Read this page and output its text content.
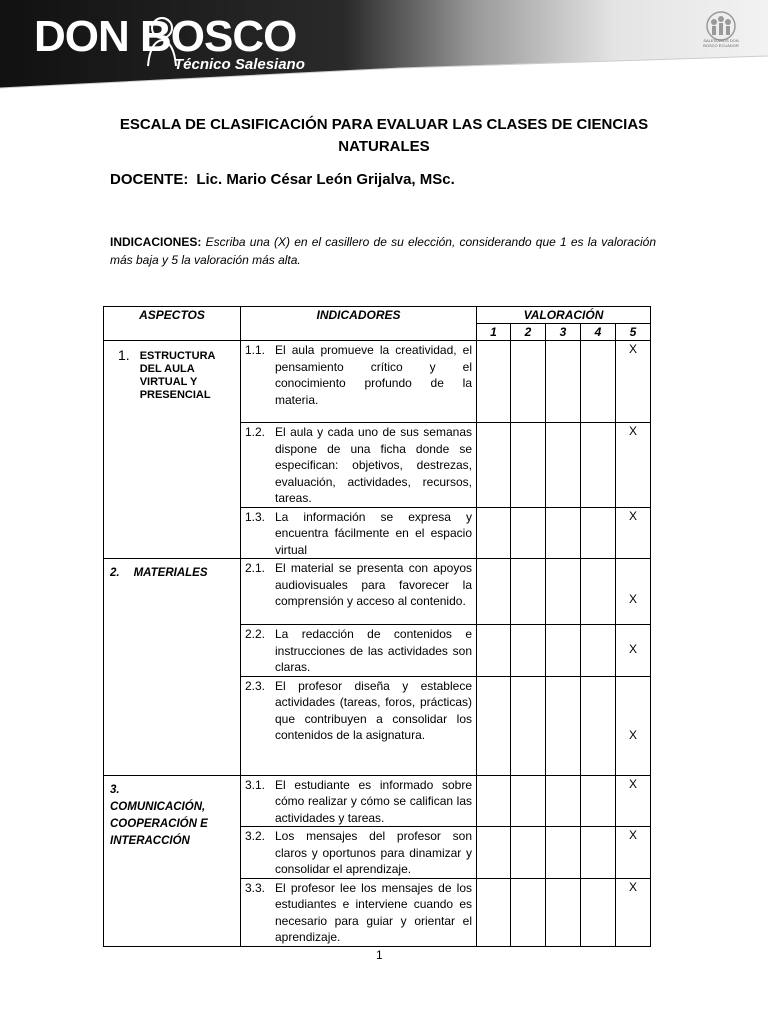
DON BOSCO
Técnico Salesiano
SALESIANOS DON BOSCO ECUADOR
ESCALA DE CLASIFICACIÓN PARA EVALUAR LAS CLASES DE CIENCIAS NATURALES
DOCENTE: Lic. Mario César León Grijalva, MSc.
INDICACIONES: Escriba una (X) en el casillero de su elección, considerando que 1 es la valoración más baja y 5 la valoración más alta.
ASPECTOS	INDICADORES	VALORACIÓN				
		1	2	3	4	5
1. ESTRUCTURA DEL AULA VIRTUAL Y PRESENCIAL	1.1. El aula promueve la creatividad, el pensamiento crítico y el conocimiento profundo de la materia.					X

	1.2. El aula y cada uno de sus semanas dispone de una ficha donde se especifican: objetivos, destrezas, evaluación, actividades, recursos, tareas.					X

	1.3. La información se expresa y encuentra fácilmente en el espacio virtual					X
2. MATERIALES	2.1. El material se presenta con apoyos audiovisuales para favorecer la comprensión y acceso al contenido.					X

	2.2. La redacción de contenidos e instrucciones de las actividades son claras.					X

	2.3. El profesor diseña y establece actividades (tareas, foros, prácticas) que contribuyen a consolidar los contenidos de la asignatura.					X
3.COMUNICACIÓN, COOPERACIÓN E INTERACCIÓN	3.1. El estudiante es informado sobre cómo realizar y cómo se califican las actividades y tareas.					X

	3.2. Los mensajes del profesor son claros y oportunos para dinamizar y consolidar el aprendizaje.					X

	3.3. El profesor lee los mensajes de los estudiantes e interviene cuando es necesario para guiar y orientar el aprendizaje.					X
1
